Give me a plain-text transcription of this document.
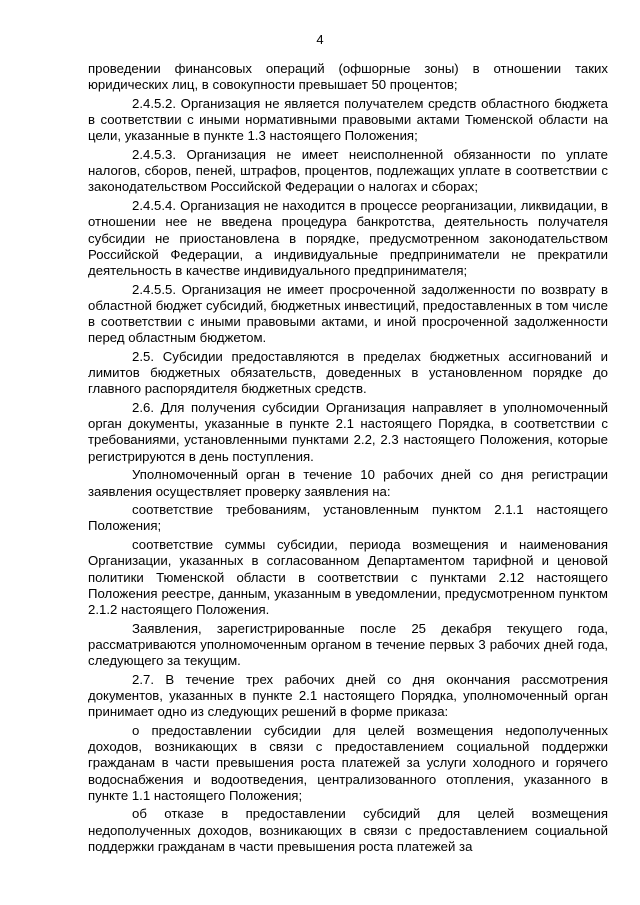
4

проведении финансовых операций (офшорные зоны) в отношении таких юридических лиц, в совокупности превышает 50 процентов;

2.4.5.2. Организация не является получателем средств областного бюджета в соответствии с иными нормативными правовыми актами Тюменской области на цели, указанные в пункте 1.3 настоящего Положения;

2.4.5.3. Организация не имеет неисполненной обязанности по уплате налогов, сборов, пеней, штрафов, процентов, подлежащих уплате в соответствии с законодательством Российской Федерации о налогах и сборах;

2.4.5.4. Организация не находится в процессе реорганизации, ликвидации, в отношении нее не введена процедура банкротства, деятельность получателя субсидии не приостановлена в порядке, предусмотренном законодательством Российской Федерации, а индивидуальные предприниматели не прекратили деятельность в качестве индивидуального предпринимателя;

2.4.5.5. Организация не имеет просроченной задолженности по возврату в областной бюджет субсидий, бюджетных инвестиций, предоставленных в том числе в соответствии с иными правовыми актами, и иной просроченной задолженности перед областным бюджетом.

2.5. Субсидии предоставляются в пределах бюджетных ассигнований и лимитов бюджетных обязательств, доведенных в установленном порядке до главного распорядителя бюджетных средств.

2.6. Для получения субсидии Организация направляет в уполномоченный орган документы, указанные в пункте 2.1 настоящего Порядка, в соответствии с требованиями, установленными пунктами 2.2, 2.3 настоящего Положения, которые регистрируются в день поступления.

Уполномоченный орган в течение 10 рабочих дней со дня регистрации заявления осуществляет проверку заявления на:

соответствие требованиям, установленным пунктом 2.1.1 настоящего Положения;

соответствие суммы субсидии, периода возмещения и наименования Организации, указанных в согласованном Департаментом тарифной и ценовой политики Тюменской области в соответствии с пунктами 2.12 настоящего Положения реестре, данным, указанным в уведомлении, предусмотренном пунктом 2.1.2 настоящего Положения.

Заявления, зарегистрированные после 25 декабря текущего года, рассматриваются уполномоченным органом в течение первых 3 рабочих дней года, следующего за текущим.

2.7. В течение трех рабочих дней со дня окончания рассмотрения документов, указанных в пункте 2.1 настоящего Порядка, уполномоченный орган принимает одно из следующих решений в форме приказа:

о предоставлении субсидии для целей возмещения недополученных доходов, возникающих в связи с предоставлением социальной поддержки гражданам в части превышения роста платежей за услуги холодного и горячего водоснабжения и водоотведения, централизованного отопления, указанного в пункте 1.1 настоящего Положения;

об отказе в предоставлении субсидий для целей возмещения недополученных доходов, возникающих в связи с предоставлением социальной поддержки гражданам в части превышения роста платежей за
